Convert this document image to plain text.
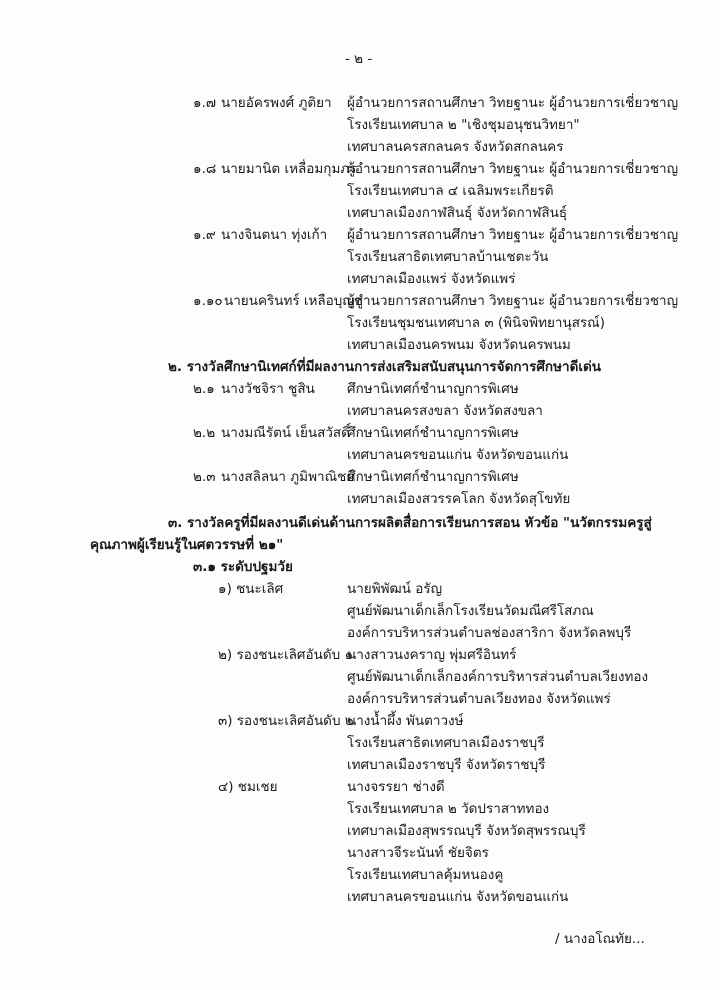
- ๒ -
๑.๗ นายอัครพงศ์ ภูติยา ผู้อำนวยการสถานศึกษา วิทยฐานะ ผู้อำนวยการเชี่ยวชาญ
โรงเรียนเทศบาล ๒ "เชิงชุมอนุชนวิทยา"
เทศบาลนครสกลนคร จังหวัดสกลนคร
๑.๘ นายมานิต เหลื่อมกุมภร
ผู้อำนวยการสถานศึกษา วิทยฐานะ ผู้อำนวยการเชี่ยวชาญ
โรงเรียนเทศบาล ๔ เฉลิมพระเกียรติ
เทศบาลเมืองกาฬสินธุ์ จังหวัดกาฬสินธุ์
๑.๙ นางจินตนา ทุ่งเก้า ผู้อำนวยการสถานศึกษา วิทยฐานะ ผู้อำนวยการเชี่ยวชาญ
โรงเรียนสาธิตเทศบาลบ้านเชตะวัน
เทศบาลเมืองแพร่ จังหวัดแพร่
๑.๑๐ นายนครินทร์ เหลือบุญชู
ผู้อำนวยการสถานศึกษา วิทยฐานะ ผู้อำนวยการเชี่ยวชาญ
โรงเรียนชุมชนเทศบาล ๓ (พินิจพิทยานุสรณ์)
เทศบาลเมืองนครพนม จังหวัดนครพนม
๒. รางวัลศึกษานิเทศก์ที่มีผลงานการส่งเสริมสนับสนุนการจัดการศึกษาดีเด่น
๒.๑ นางวัชจิรา ชูสิน ศึกษานิเทศก์ชำนาญการพิเศษ
เทศบาลนครสงขลา จังหวัดสงขลา
๒.๒ นางมณีรัตน์ เย็นสวัสดิ์
ศึกษานิเทศก์ชำนาญการพิเศษ
เทศบาลนครขอนแก่น จังหวัดขอนแก่น
๒.๓ นางสลิลนา ภูมิพาณิชย์
ศึกษานิเทศก์ชำนาญการพิเศษ
เทศบาลเมืองสวรรคโลก จังหวัดสุโขทัย
๓. รางวัลครูที่มีผลงานดีเด่นด้านการผลิตสื่อการเรียนการสอน หัวข้อ "นวัตกรรมครูสู่
คุณภาพผู้เรียนรู้ในศตวรรษที่ ๒๑"
๓.๑ ระดับปฐมวัย
๑) ชนะเลิศ	นายพิพัฒน์ อรัญ
ศูนย์พัฒนาเด็กเล็กโรงเรียนวัดมณีศรีโสภณ
องค์การบริหารส่วนตำบลช่องสาริกา จังหวัดลพบุรี
๒) รองชนะเลิศอันดับ ๑
นางสาวนงคราญ พุ่มศรีอินทร์
ศูนย์พัฒนาเด็กเล็กองค์การบริหารส่วนตำบลเวียงทอง
องค์การบริหารส่วนตำบลเวียงทอง จังหวัดแพร่
๓) รองชนะเลิศอันดับ ๒
นางน้ำผึ้ง พันตาวงษ์
โรงเรียนสาธิตเทศบาลเมืองราชบุรี
เทศบาลเมืองราชบุรี จังหวัดราชบุรี
๔) ชมเชย	นางจรรยา ช่างดี
โรงเรียนเทศบาล ๒ วัดปราสาททอง
เทศบาลเมืองสุพรรณบุรี จังหวัดสุพรรณบุรี
นางสาวจีระนันท์ ชัยจิตร
โรงเรียนเทศบาลคุ้มหนองคู
เทศบาลนครขอนแก่น จังหวัดขอนแก่น
/ นางอโณทัย...
